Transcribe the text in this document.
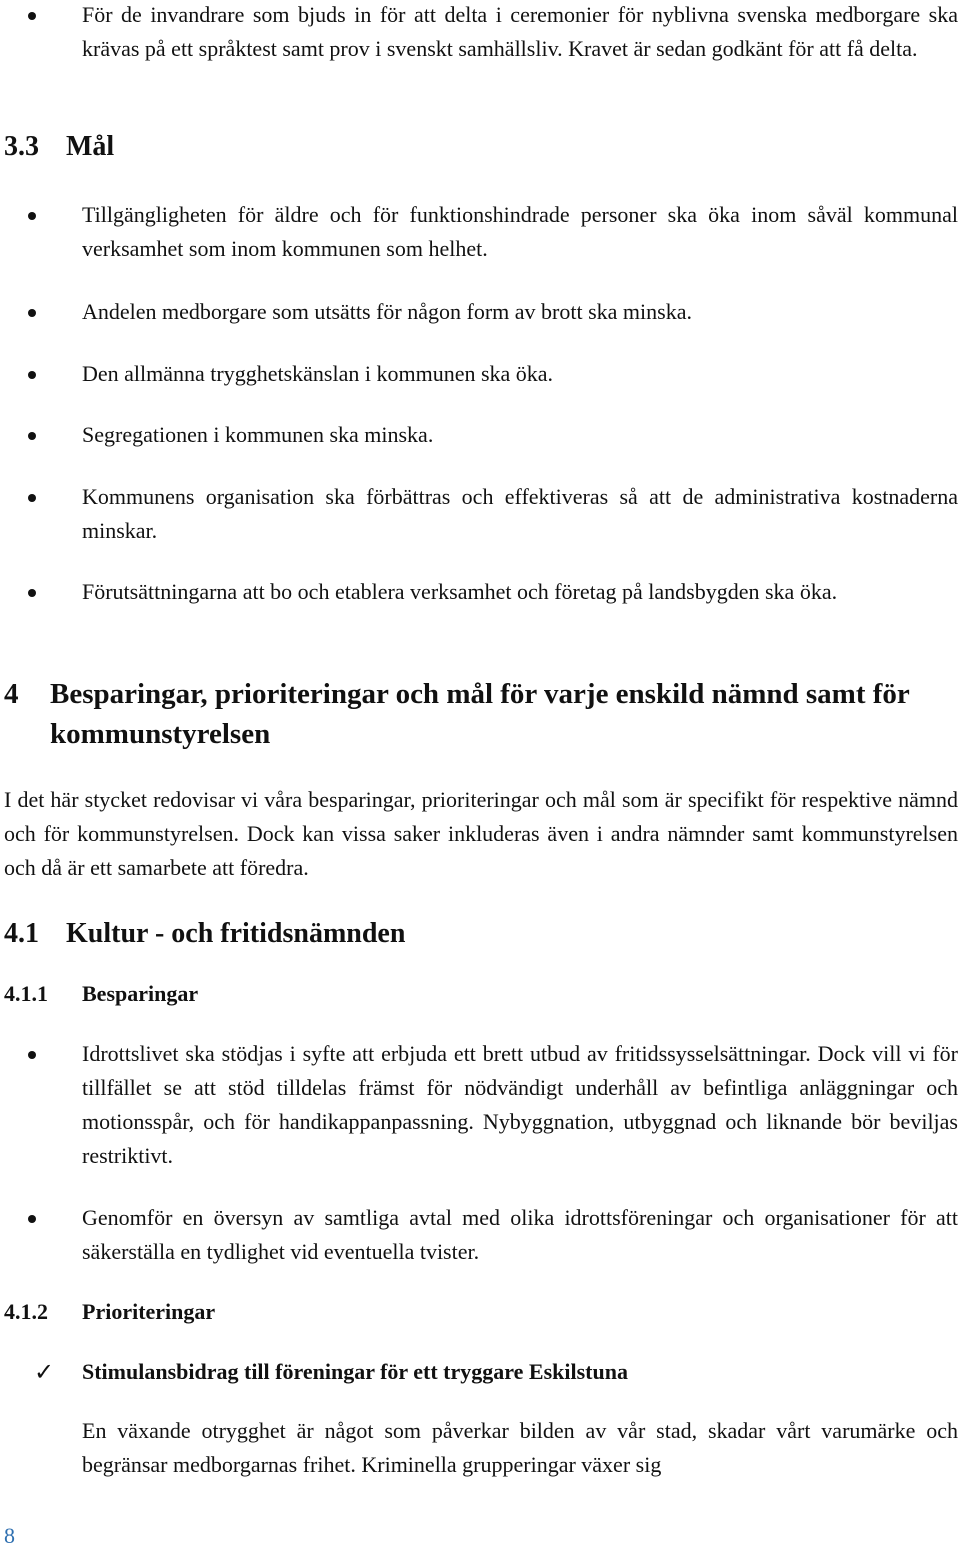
För de invandrare som bjuds in för att delta i ceremonier för nyblivna svenska medborgare ska krävas på ett språktest samt prov i svenskt samhällsliv. Kravet är sedan godkänt för att få delta.

3.3 Mål

Tillgängligheten för äldre och för funktionshindrade personer ska öka inom såväl kommunal verksamhet som inom kommunen som helhet.

Andelen medborgare som utsätts för någon form av brott ska minska.

Den allmänna trygghetskänslan i kommunen ska öka.

Segregationen i kommunen ska minska.

Kommunens organisation ska förbättras och effektiveras så att de administrativa kostnaderna minskar.

Förutsättningarna att bo och etablera verksamhet och företag på landsbygden ska öka.

4 Besparingar, prioriteringar och mål för varje enskild nämnd samt för kommunstyrelsen

I det här stycket redovisar vi våra besparingar, prioriteringar och mål som är specifikt för respektive nämnd och för kommunstyrelsen. Dock kan vissa saker inkluderas även i andra nämnder samt kommunstyrelsen och då är ett samarbete att föredra.

4.1 Kultur - och fritidsnämnden
4.1.1 Besparingar

Idrottslivet ska stödjas i syfte att erbjuda ett brett utbud av fritidssysselsättningar. Dock vill vi för tillfället se att stöd tilldelas främst för nödvändigt underhåll av befintliga anläggningar och motionsspår, och för handikappanpassning. Nybyggnation, utbyggnad och liknande bör beviljas restriktivt.

Genomför en översyn av samtliga avtal med olika idrottsföreningar och organisationer för att säkerställa en tydlighet vid eventuella tvister.

4.1.2 Prioriteringar
✓ Stimulansbidrag till föreningar för ett tryggare Eskilstuna

En växande otrygghet är något som påverkar bilden av vår stad, skadar vårt varumärke och begränsar medborgarnas frihet. Kriminella grupperingar växer sig

8
